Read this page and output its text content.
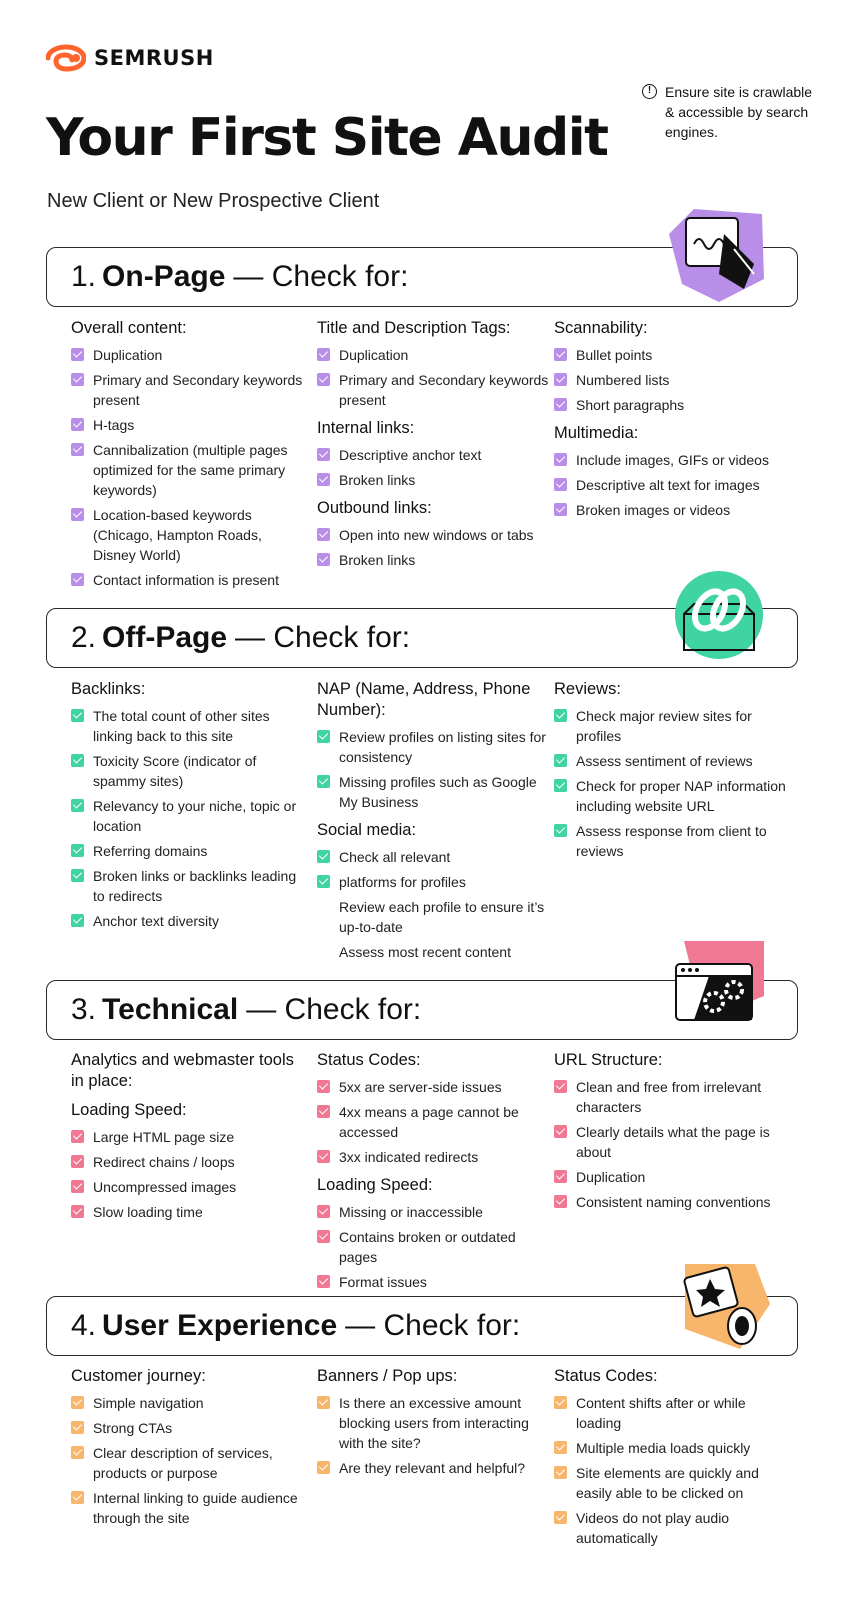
SEMRUSH
Your First Site Audit
New Client or New Prospective Client
! Ensure site is crawlable & accessible by search engines.
1. On-Page — Check for:
Overall content:
Duplication
Primary and Secondary keywords present
H-tags
Cannibalization (multiple pages optimized for the same primary keywords)
Location-based keywords (Chicago, Hampton Roads, Disney World)
Contact information is present
Title and Description Tags:
Duplication
Primary and Secondary keywords present
Internal links:
Descriptive anchor text
Broken links
Outbound links:
Open into new windows or tabs
Broken links
Scannability:
Bullet points
Numbered lists
Short paragraphs
Multimedia:
Include images, GIFs or videos
Descriptive alt text for images
Broken images or videos
2. Off-Page — Check for:
Backlinks:
The total count of other sites linking back to this site
Toxicity Score (indicator of spammy sites)
Relevancy to your niche, topic or location
Referring domains
Broken links or backlinks leading to redirects
Anchor text diversity
NAP (Name, Address, Phone Number):
Review profiles on listing sites for consistency
Missing profiles such as Google My Business
Social media:
Check all relevant
platforms for profiles
Review each profile to ensure it’s up-to-date
Assess most recent content
Reviews:
Check major review sites for profiles
Assess sentiment of reviews
Check for proper NAP information including website URL
Assess response from client to reviews
3. Technical — Check for:
Analytics and webmaster tools in place:
Loading Speed:
Large HTML page size
Redirect chains / loops
Uncompressed images
Slow loading time
Status Codes:
5xx are server-side issues
4xx means a page cannot be accessed
3xx indicated redirects
Loading Speed:
Missing or inaccessible
Contains broken or outdated pages
Format issues
URL Structure:
Clean and free from irrelevant characters
Clearly details what the page is about
Duplication
Consistent naming conventions
4. User Experience — Check for:
Customer journey:
Simple navigation
Strong CTAs
Clear description of services, products or purpose
Internal linking to guide audience through the site
Banners / Pop ups:
Is there an excessive amount blocking users from interacting with the site?
Are they relevant and helpful?
Status Codes:
Content shifts after or while loading
Multiple media loads quickly
Site elements are quickly and easily able to be clicked on
Videos do not play audio automatically
